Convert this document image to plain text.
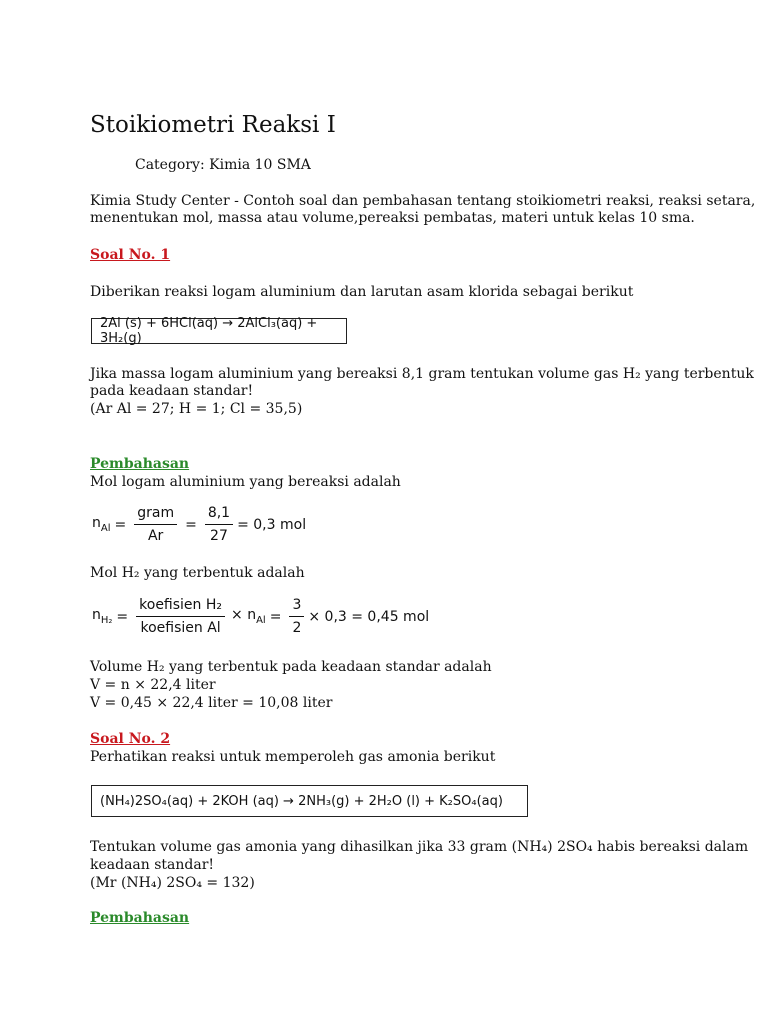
Stoikiometri Reaksi I
Category: Kimia 10 SMA
Kimia Study Center - Contoh soal dan pembahasan tentang stoikiometri reaksi, reaksi setara,
menentukan mol, massa atau volume,pereaksi pembatas, materi untuk kelas 10 sma.
Soal No. 1
Diberikan reaksi logam aluminium dan larutan asam klorida sebagai berikut
2Al (s) + 6HCl(aq) → 2AlCl₃(aq) + 3H₂(g)
Jika massa logam aluminium yang bereaksi 8,1 gram tentukan volume gas H₂ yang terbentuk
pada keadaan standar!
(Ar Al = 27; H = 1; Cl = 35,5)
Pembahasan
Mol logam aluminium yang bereaksi adalah
$n_{Al} = \frac{\text{gram}}{Ar} = \frac{8,1}{27} = 0,3$ mol
Mol H₂ yang terbentuk adalah
$n_{H_2} = \frac{\text{koefisien H₂}}{\text{koefisien Al}} \times n_{Al} = \frac{3}{2} \times 0,3 = 0,45$ mol
Volume H₂ yang terbentuk pada keadaan standar adalah
V = n × 22,4 liter
V = 0,45 × 22,4 liter = 10,08 liter
Soal No. 2
Perhatikan reaksi untuk memperoleh gas amonia berikut
(NH₄)2SO₄(aq) + 2KOH (aq) → 2NH₃(g) + 2H₂O (l) + K₂SO₄(aq)
Tentukan volume gas amonia yang dihasilkan jika 33 gram (NH₄) 2SO₄ habis bereaksi dalam
keadaan standar!
(Mr (NH₄) 2SO₄ = 132)
Pembahasan
